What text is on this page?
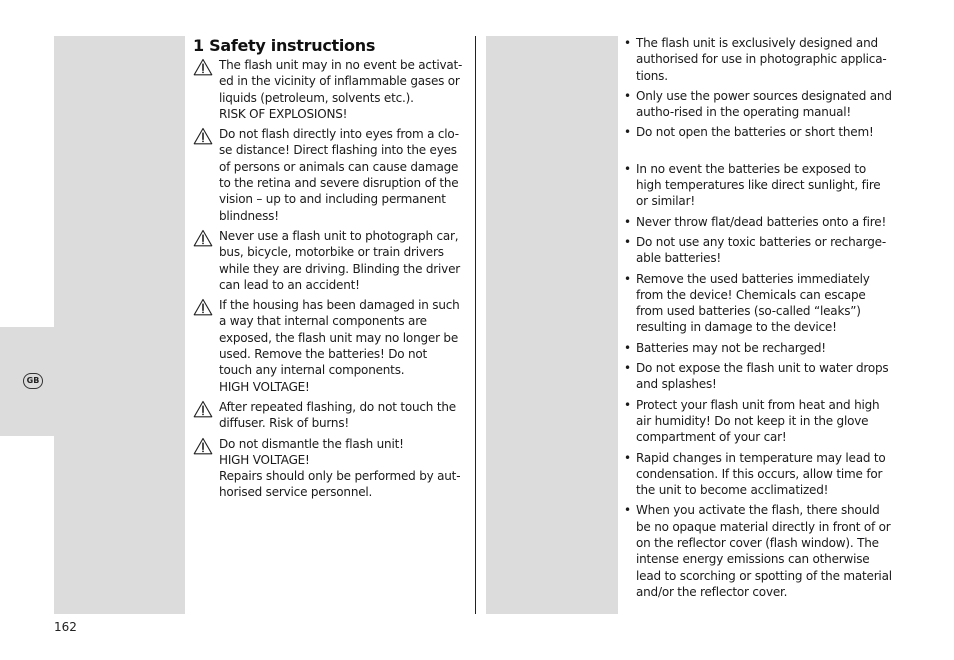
GB
1 Safety instructions
The flash unit may in no event be activat-
ed in the vicinity of inflammable gases or
liquids (petroleum, solvents etc.).
RISK OF EXPLOSIONS!
Do not flash directly into eyes from a clo-
se distance! Direct flashing into the eyes
of persons or animals can cause damage
to the retina and severe disruption of the
vision – up to and including permanent
blindness!
Never use a flash unit to photograph car,
bus, bicycle, motorbike or train drivers
while they are driving. Blinding the driver
can lead to an accident!
If the housing has been damaged in such
a way that internal components are
exposed, the flash unit may no longer be
used. Remove the batteries! Do not
touch any internal components.
HIGH VOLTAGE!
After repeated flashing, do not touch the
diffuser. Risk of burns!
Do not dismantle the flash unit!
HIGH VOLTAGE!
Repairs should only be performed by aut-
horised service personnel.
• The flash unit is exclusively designed and
authorised for use in photographic applica-
tions.
• Only use the power sources designated and
autho-rised in the operating manual!
• Do not open the batteries or short them!
• In no event the batteries be exposed to
high temperatures like direct sunlight, fire
or similar!
• Never throw flat/dead batteries onto a fire!
• Do not use any toxic batteries or recharge-
able batteries!
• Remove the used batteries immediately
from the device! Chemicals can escape
from used batteries (so-called “leaks”)
resulting in damage to the device!
• Batteries may not be recharged!
• Do not expose the flash unit to water drops
and splashes!
• Protect your flash unit from heat and high
air humidity! Do not keep it in the glove
compartment of your car!
• Rapid changes in temperature may lead to
condensation. If this occurs, allow time for
the unit to become acclimatized!
• When you activate the flash, there should
be no opaque material directly in front of or
on the reflector cover (flash window). The
intense energy emissions can otherwise
lead to scorching or spotting of the material
and/or the reflector cover.
162
